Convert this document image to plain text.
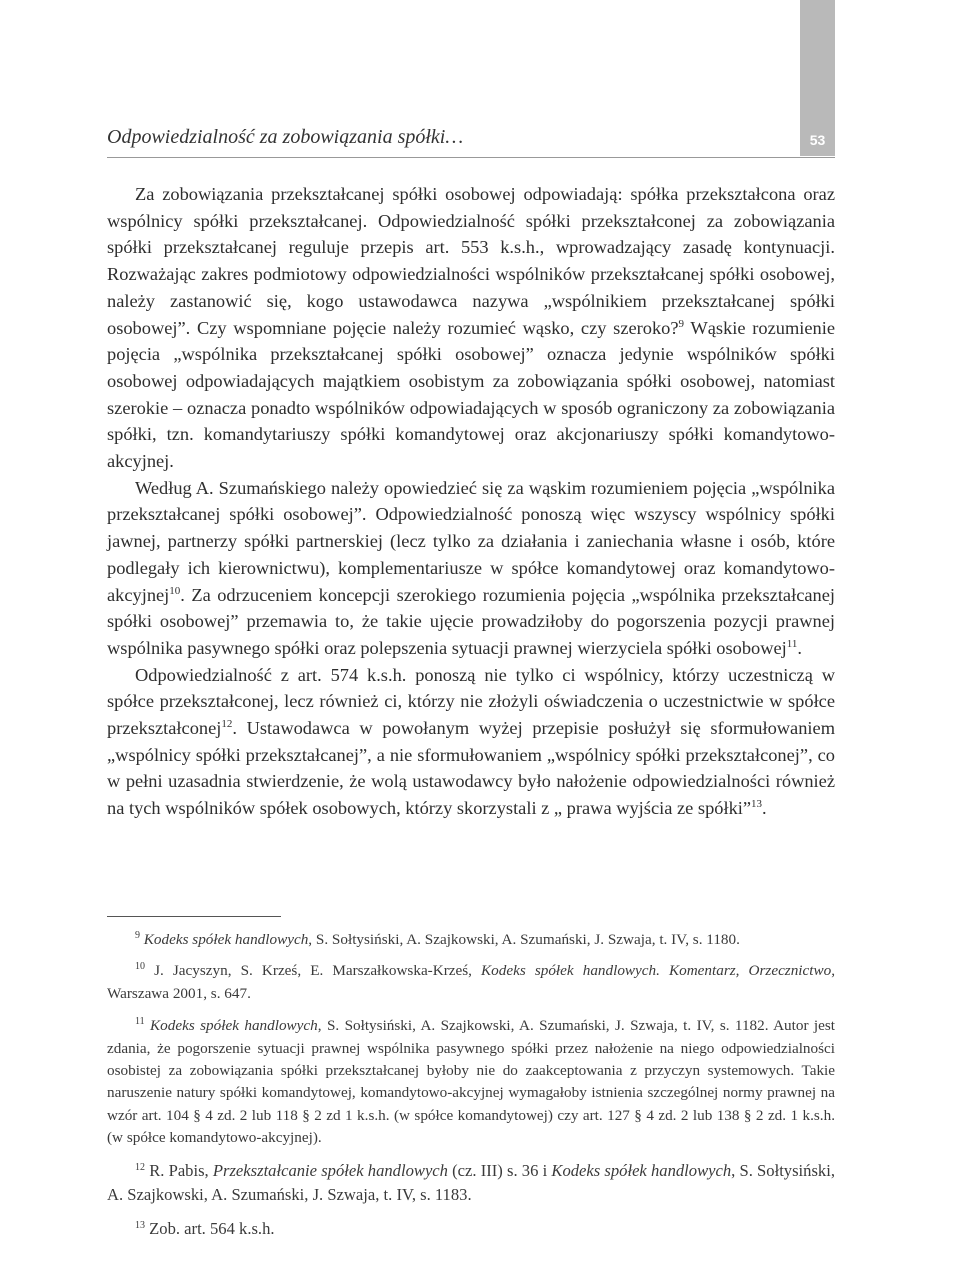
53
Odpowiedzialność za zobowiązania spółki…

Za zobowiązania przekształcanej spółki osobowej odpowiadają: spółka przekształcona oraz wspólnicy spółki przekształcanej. Odpowiedzialność spółki przekształconej za zobowiązania spółki przekształcanej reguluje przepis art. 553 k.s.h., wprowadzający zasadę kontynuacji. Rozważając zakres podmiotowy odpowiedzialności wspólników przekształcanej spółki osobowej, należy zastanowić się, kogo ustawodawca nazywa „wspólnikiem przekształcanej spółki osobowej”. Czy wspomniane pojęcie należy rozumieć wąsko, czy szeroko?$^9$ Wąskie rozumienie pojęcia „wspólnika przekształcanej spółki osobowej” oznacza jedynie wspólników spółki osobowej odpowiadających majątkiem osobistym za zobowiązania spółki osobowej, natomiast szerokie – oznacza ponadto wspólników odpowiadających w sposób ograniczony za zobowiązania spółki, tzn. komandytariuszy spółki komandytowej oraz akcjonariuszy spółki komandytowo-akcyjnej.

Według A. Szumańskiego należy opowiedzieć się za wąskim rozumieniem pojęcia „wspólnika przekształcanej spółki osobowej”. Odpowiedzialność ponoszą więc wszyscy wspólnicy spółki jawnej, partnerzy spółki partnerskiej (lecz tylko za działania i zaniechania własne i osób, które podlegały ich kierownictwu), komplementariusze w spółce komandytowej oraz komandytowo-akcyjnej$^{10}$. Za odrzuceniem koncepcji szerokiego rozumienia pojęcia „wspólnika przekształcanej spółki osobowej” przemawia to, że takie ujęcie prowadziłoby do pogorszenia pozycji prawnej wspólnika pasywnego spółki oraz polepszenia sytuacji prawnej wierzyciela spółki osobowej$^{11}$.

Odpowiedzialność z art. 574 k.s.h. ponoszą nie tylko ci wspólnicy, którzy uczestniczą w spółce przekształconej, lecz również ci, którzy nie złożyli oświadczenia o uczestnictwie w spółce przekształconej$^{12}$. Ustawodawca w powołanym wyżej przepisie posłużył się sformułowaniem „wspólnicy spółki przekształcanej”, a nie sformułowaniem „wspólnicy spółki przekształconej”, co w pełni uzasadnia stwierdzenie, że wolą ustawodawcy było nałożenie odpowiedzialności również na tych wspólników spółek osobowych, którzy skorzystali z „ prawa wyjścia ze spółki”$^{13}$.

$^9$ Kodeks spółek handlowych, S. Sołtysiński, A. Szajkowski, A. Szumański, J. Szwaja, t. IV, s. 1180.

$^{10}$ J. Jacyszyn, S. Krześ, E. Marszałkowska-Krześ, Kodeks spółek handlowych. Komentarz, Orzecznictwo, Warszawa 2001, s. 647.

$^{11}$ Kodeks spółek handlowych, S. Sołtysiński, A. Szajkowski, A. Szumański, J. Szwaja, t. IV, s. 1182. Autor jest zdania, że pogorszenie sytuacji prawnej wspólnika pasywnego spółki przez nałożenie na niego odpowiedzialności osobistej za zobowiązania spółki przekształcanej byłoby nie do zaakceptowania z przyczyn systemowych. Takie naruszenie natury spółki komandytowej, komandytowo-akcyjnej wymagałoby istnienia szczególnej normy prawnej na wzór art. 104 § 4 zd. 2 lub 118 § 2 zd 1 k.s.h. (w spółce komandytowej) czy art. 127 § 4 zd. 2 lub 138 § 2 zd. 1 k.s.h. (w spółce komandytowo-akcyjnej).

$^{12}$ R. Pabis, Przekształcanie spółek handlowych (cz. III) s. 36 i Kodeks spółek handlowych, S. Sołtysiński, A. Szajkowski, A. Szumański, J. Szwaja, t. IV, s. 1183.

$^{13}$ Zob. art. 564 k.s.h.
